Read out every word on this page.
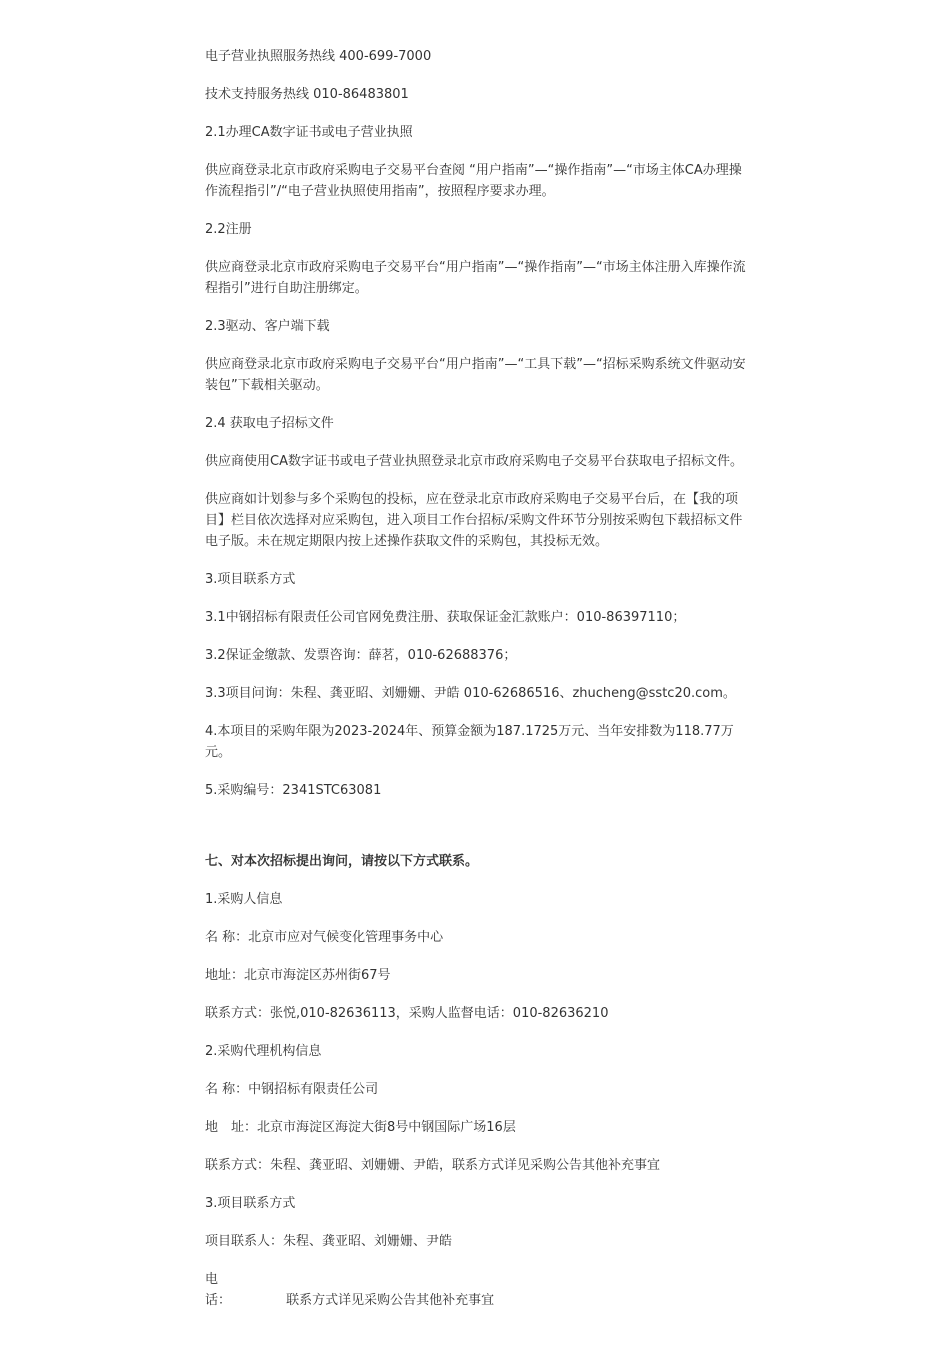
电子营业执照服务热线 400-699-7000

技术支持服务热线 010-86483801

2.1办理CA数字证书或电子营业执照

供应商登录北京市政府采购电子交易平台查阅 “用户指南”—“操作指南”—“市场主体CA办理操作流程指引”/“电子营业执照使用指南”，按照程序要求办理。

2.2注册

供应商登录北京市政府采购电子交易平台“用户指南”—“操作指南”—“市场主体注册入库操作流程指引”进行自助注册绑定。

2.3驱动、客户端下载

供应商登录北京市政府采购电子交易平台“用户指南”—“工具下载”—“招标采购系统文件驱动安装包”下载相关驱动。

2.4 获取电子招标文件

供应商使用CA数字证书或电子营业执照登录北京市政府采购电子交易平台获取电子招标文件。

供应商如计划参与多个采购包的投标，应在登录北京市政府采购电子交易平台后，在【我的项目】栏目依次选择对应采购包，进入项目工作台招标/采购文件环节分别按采购包下载招标文件电子版。未在规定期限内按上述操作获取文件的采购包，其投标无效。

3.项目联系方式

3.1中钢招标有限责任公司官网免费注册、获取保证金汇款账户：010-86397110；

3.2保证金缴款、发票咨询：薛茗，010-62688376；

3.3项目问询：朱程、龚亚昭、刘姗姗、尹皓 010-62686516、zhucheng@sstc20.com。

4.本项目的采购年限为2023-2024年、预算金额为187.1725万元、当年安排数为118.77万元。

5.采购编号：2341STC63081

七、对本次招标提出询问，请按以下方式联系。

1.采购人信息

名 称：北京市应对气候变化管理事务中心

地址：北京市海淀区苏州街67号

联系方式：张悦,010-82636113，采购人监督电话：010-82636210

2.采购代理机构信息

名 称：中钢招标有限责任公司

地　址：北京市海淀区海淀大街8号中钢国际广场16层

联系方式：朱程、龚亚昭、刘姗姗、尹皓，联系方式详见采购公告其他补充事宜

3.项目联系方式

项目联系人：朱程、龚亚昭、刘姗姗、尹皓

电　话：	联系方式详见采购公告其他补充事宜
